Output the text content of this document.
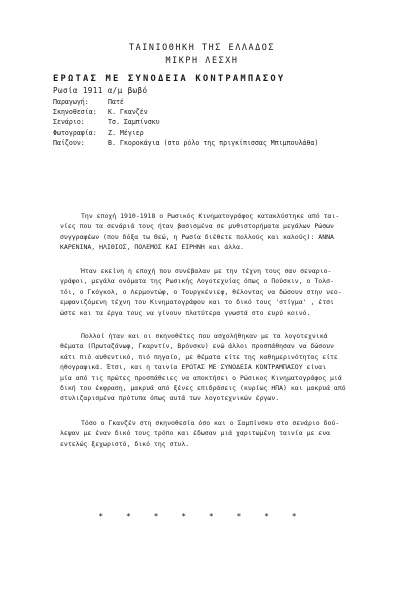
ΤΑΙΝΙΟΘΗΚΗ ΤΗΣ ΕΛΛΑΔΟΣ
ΜΙΚΡΗ ΛΕΣΧΗ
ΕΡΩΤΑΣ ΜΕ ΣΥΝΟΔΕΙΑ ΚΟΝΤΡΑΜΠΑΣΟΥ
Ρωσία 1911 α/μ βωβό
Παραγωγή:	Πατέ
Σκηνοθεσία:	Κ. Γκανζέν
Σενάριο:	Τσ. Σαμπίνσκυ
Φωτογραφία:	Ζ. Μέγιερ
Παίζουν:	Β. Γκοροκάγια (στο ρόλο της πριγκίπισσας Μπιμπουλάθα)
Την εποχή 1910-1918 ο Ρωσικός Κινηματογράφος κατακλύστηκε από ται-
νίες που τα σενάριά τους ήταν βασισμένα σε μυθιστορήματα μεγάλων Ρώσων
συγγραφέων (που δόξα τω Θεώ, η Ρωσία διέθετε πολλούς και καλούς): ΑΝΝΑ
ΚΑΡΕΝΙΝΑ, ΗΛΙΘΙΟΣ, ΠΟΛΕΜΟΣ ΚΑΙ ΕΙΡΗΝΗ και άλλα.
Ήταν εκείνη η εποχή που συνέβαλαν με την τέχνη τους σαν σεναριο-
γράφοι, μεγάλα ονόματα της Ρωσικής Λογοτεχνίας όπως ο Πούσκιν, ο Τολσ-
τόι, ο Γκόγκολ, ο Λερμοντώφ, ο Τουργκένιεφ, θέλοντας να δώσουν στην νεο-
εμφανιζόμενη τέχνη του Κινηματογράφου και το δικό τους 'στίγμα' , έτσι
ώστε και τα έργα τους να γίνουν πλατύτερα γνωστά στο ευρύ κοινό.
Πολλοί ήταν και οι σκηνοθέτες που ασχολήθηκαν με τα λογοτεχνικά
θέματα (Πρωταζάνωφ, Γκαρντίν, Βρόνσκυ) ενώ άλλοι προσπάθησαν να δώσουν
κάτι πιό αυθεντικό, πιό πηγαίο, με θέματα είτε της καθημερινότητας είτε
ηθογραφικά. Έτσι, και η ταινία ΕΡΩΤΑΣ ΜΕ ΣΥΝΟΔΕΙΑ ΚΟΝΤΡΑΜΠΑΣΟΥ είναι
μία από τις πρώτες προσπάθειες να αποκτήσει ο Ρώσικος Κινηματογράφος μιά
δική του έκφραση, μακρυά από ξένες επιδράσεις (κυρίως ΗΠΑ) και μακρυά από
στυλιζαρισμένα πρότυπα όπως αυτά των λογοτεχνικών έργων.
Τόσο ο Γκανζέν στη σκηνοθεσία όσο και ο Σαμπίνσκυ στο σενάριο δού-
λεψαν με έναν δικό τους τρόπο και έδωσαν μιά χαριτωμένη ταινία με ενα
εντελώς ξεχωριστό, δικό της στυλ.
* * * * * * * *
